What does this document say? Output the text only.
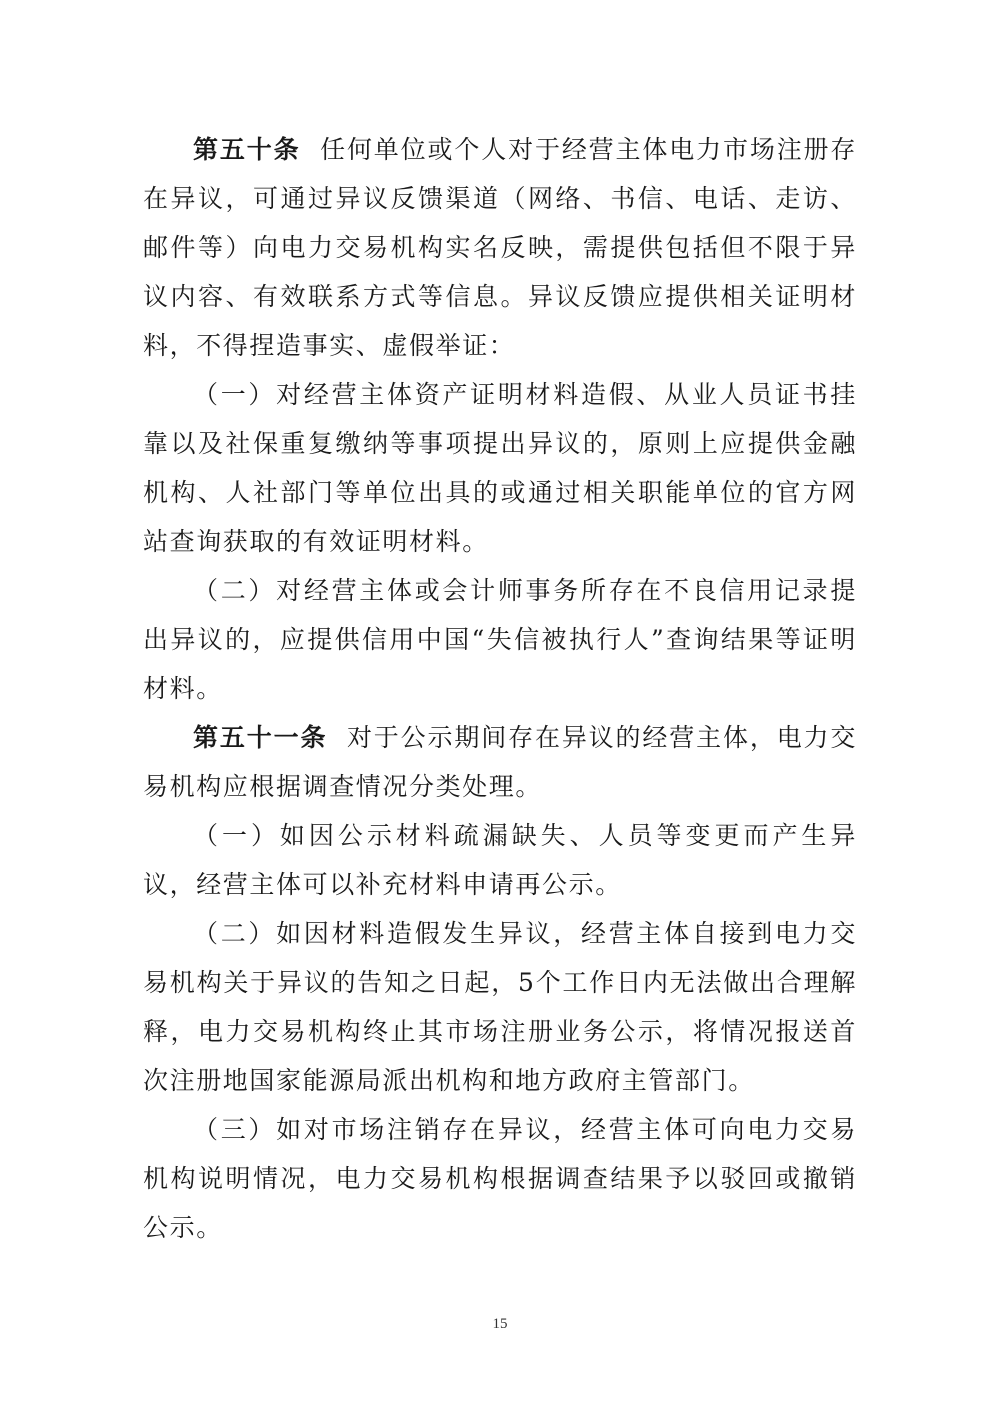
第五十条 任何单位或个人对于经营主体电力市场注册存在异议，可通过异议反馈渠道（网络、书信、电话、走访、邮件等）向电力交易机构实名反映，需提供包括但不限于异议内容、有效联系方式等信息。异议反馈应提供相关证明材料，不得捏造事实、虚假举证：

（一）对经营主体资产证明材料造假、从业人员证书挂靠以及社保重复缴纳等事项提出异议的，原则上应提供金融机构、人社部门等单位出具的或通过相关职能单位的官方网站查询获取的有效证明材料。

（二）对经营主体或会计师事务所存在不良信用记录提出异议的，应提供信用中国“失信被执行人”查询结果等证明材料。

第五十一条 对于公示期间存在异议的经营主体，电力交易机构应根据调查情况分类处理。

（一）如因公示材料疏漏缺失、人员等变更而产生异议，经营主体可以补充材料申请再公示。

（二）如因材料造假发生异议，经营主体自接到电力交易机构关于异议的告知之日起，5个工作日内无法做出合理解释，电力交易机构终止其市场注册业务公示，将情况报送首次注册地国家能源局派出机构和地方政府主管部门。

（三）如对市场注销存在异议，经营主体可向电力交易机构说明情况，电力交易机构根据调查结果予以驳回或撤销公示。

15
